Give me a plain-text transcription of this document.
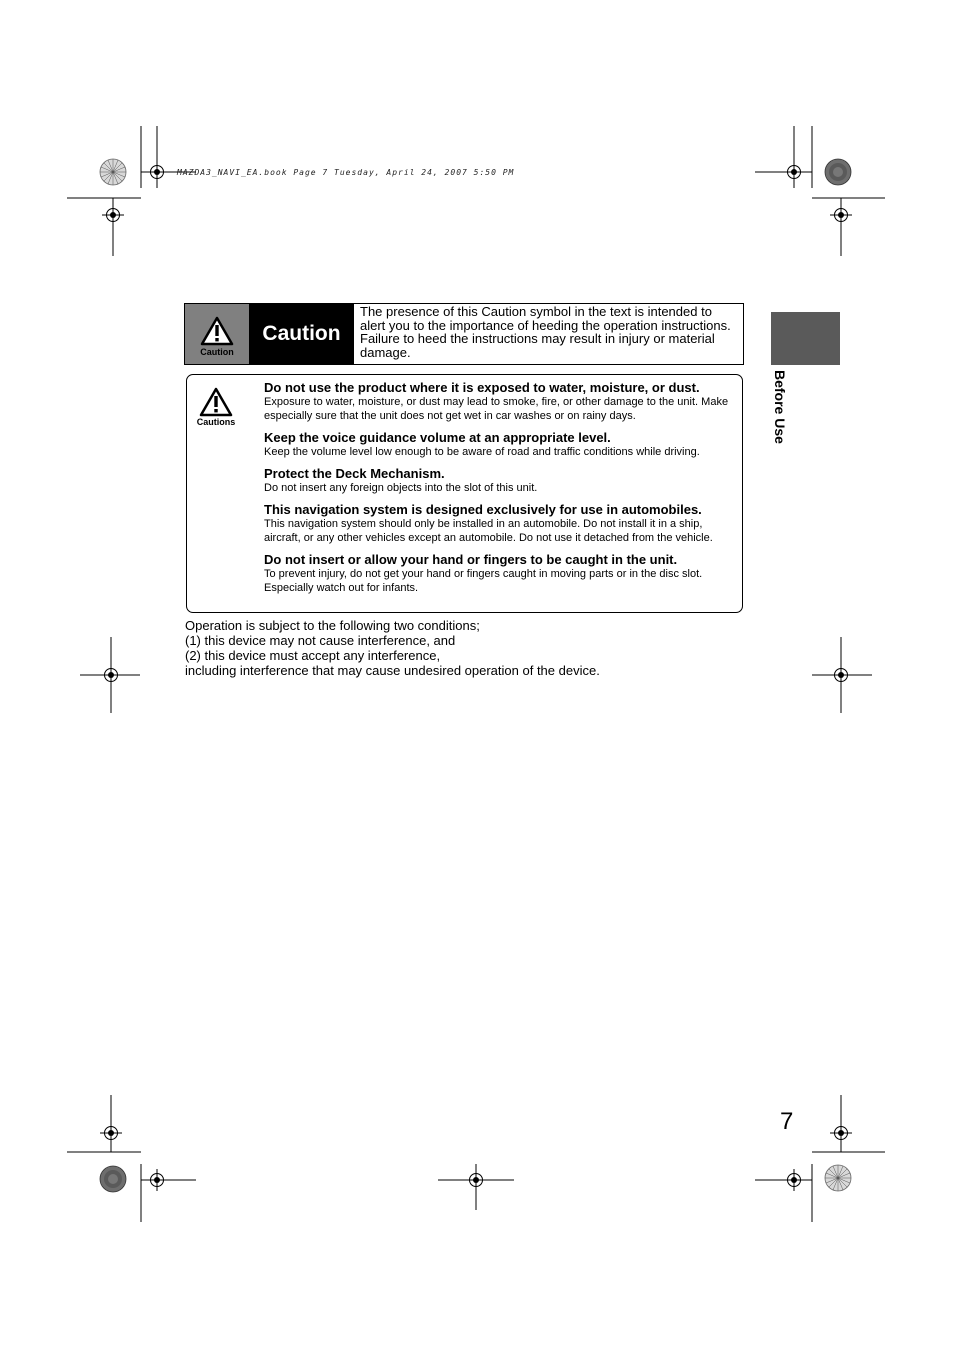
MAZDA3_NAVI_EA.book Page 7 Tuesday, April 24, 2007 5:50 PM
Caution
Caution
The presence of this Caution symbol in the text is intended to alert you to the importance of heeding the operation instructions. Failure to heed the instructions may result in injury or material damage.
Cautions
Do not use the product where it is exposed to water, moisture, or dust.
Exposure to water, moisture, or dust may lead to smoke, fire, or other damage to the unit. Make especially sure that the unit does not get wet in car washes or on rainy days.
Keep the voice guidance volume at an appropriate level.
Keep the volume level low enough to be aware of road and traffic conditions while driving.
Protect the Deck Mechanism.
Do not insert any foreign objects into the slot of this unit.
This navigation system is designed exclusively for use in automobiles.
This navigation system should only be installed in an automobile. Do not install it in a ship, aircraft, or any other vehicles except an automobile. Do not use it detached from the vehicle.
Do not insert or allow your hand or fingers to be caught in the unit.
To prevent injury, do not get your hand or fingers caught in moving parts or in the disc slot. Especially watch out for infants.
Operation is subject to the following two conditions;
(1) this device may not cause interference, and
(2) this device must accept any interference,
including interference that may cause undesired operation of the device.
Before Use
7
